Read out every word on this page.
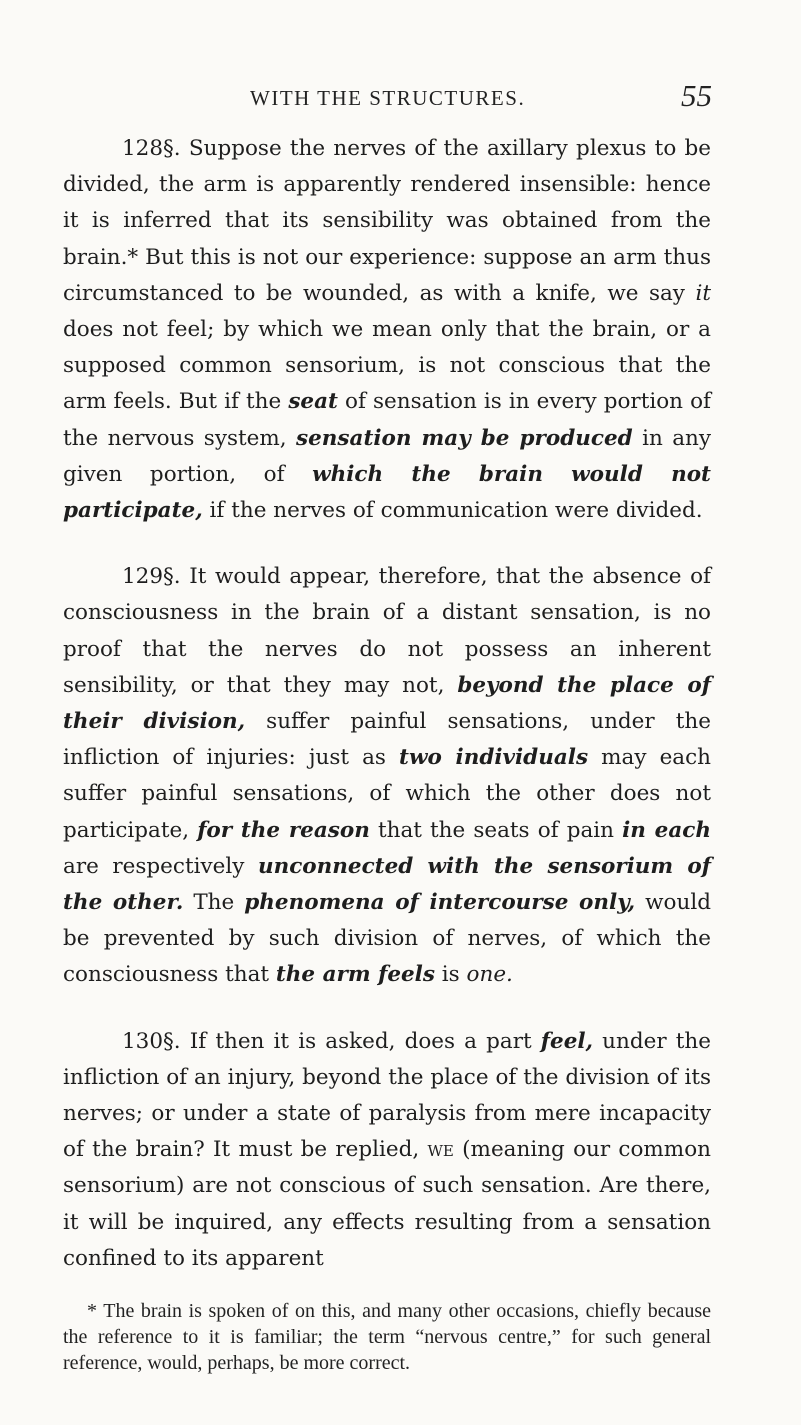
WITH THE STRUCTURES.	55

128§. Suppose the nerves of the axillary plexus to be divided, the arm is apparently rendered insensible: hence it is inferred that its sensibility was obtained from the brain.* But this is not our experience: suppose an arm thus circumstanced to be wounded, as with a knife, we say it does not feel; by which we mean only that the brain, or a supposed common sensorium, is not conscious that the arm feels. But if the seat of sensation is in every portion of the nervous system, sensation may be produced in any given portion, of which the brain would not participate, if the nerves of communication were divided.

129§. It would appear, therefore, that the absence of consciousness in the brain of a distant sensation, is no proof that the nerves do not possess an inherent sensibility, or that they may not, beyond the place of their division, suffer painful sensations, under the infliction of injuries: just as two individuals may each suffer painful sensations, of which the other does not participate, for the reason that the seats of pain in each are respectively unconnected with the sensorium of the other. The phenomena of intercourse only, would be prevented by such division of nerves, of which the consciousness that the arm feels is one.

130§. If then it is asked, does a part feel, under the infliction of an injury, beyond the place of the division of its nerves; or under a state of paralysis from mere incapacity of the brain? It must be replied, we (meaning our common sensorium) are not conscious of such sensation. Are there, it will be inquired, any effects resulting from a sensation confined to its apparent

* The brain is spoken of on this, and many other occasions, chiefly because the reference to it is familiar; the term “nervous centre,” for such general reference, would, perhaps, be more correct.
